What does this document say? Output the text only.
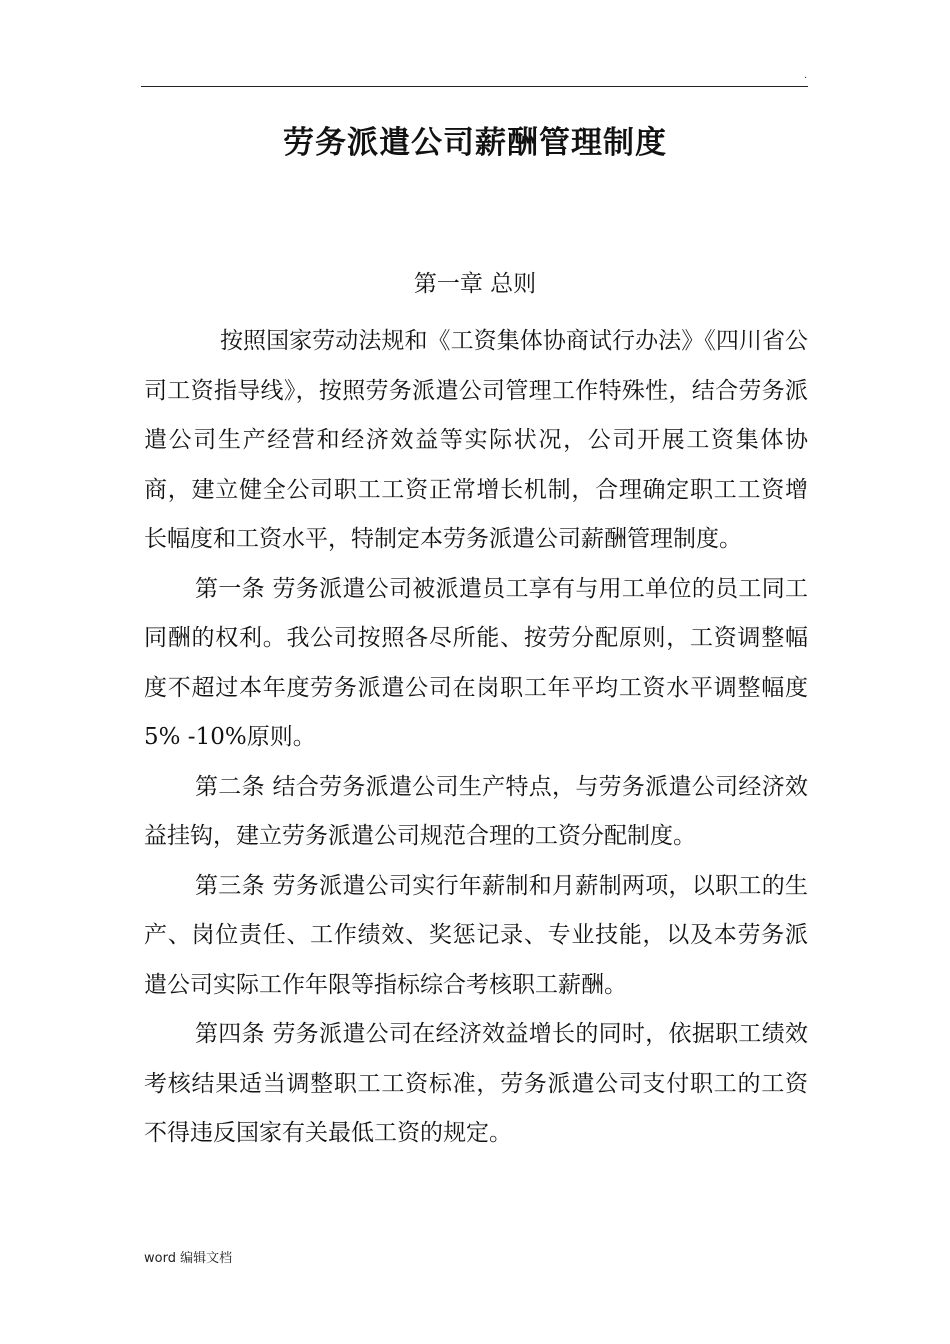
.
劳务派遣公司薪酬管理制度
第一章 总则

按照国家劳动法规和《工资集体协商试行办法》《四川省公司工资指导线》，按照劳务派遣公司管理工作特殊性，结合劳务派遣公司生产经营和经济效益等实际状况，公司开展工资集体协商，建立健全公司职工工资正常增长机制，合理确定职工工资增长幅度和工资水平，特制定本劳务派遣公司薪酬管理制度。

第一条 劳务派遣公司被派遣员工享有与用工单位的员工同工同酬的权利。我公司按照各尽所能、按劳分配原则，工资调整幅度不超过本年度劳务派遣公司在岗职工年平均工资水平调整幅度 5% -10%原则。

第二条 结合劳务派遣公司生产特点，与劳务派遣公司经济效益挂钩，建立劳务派遣公司规范合理的工资分配制度。

第三条 劳务派遣公司实行年薪制和月薪制两项，以职工的生产、岗位责任、工作绩效、奖惩记录、专业技能，以及本劳务派遣公司实际工作年限等指标综合考核职工薪酬。

第四条 劳务派遣公司在经济效益增长的同时，依据职工绩效考核结果适当调整职工工资标准，劳务派遣公司支付职工的工资不得违反国家有关最低工资的规定。

word 编辑文档
